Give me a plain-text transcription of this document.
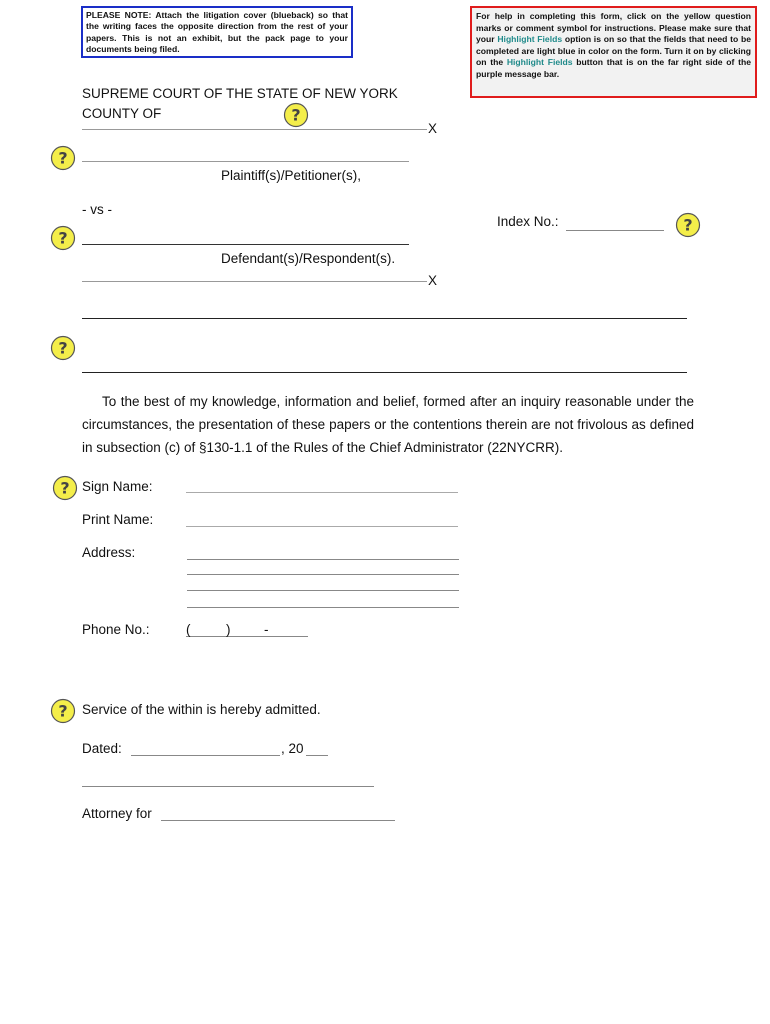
PLEASE NOTE: Attach the litigation cover (blueback) so that the writing faces the opposite direction from the rest of your papers. This is not an exhibit, but the pack page to your documents being filed.
For help in completing this form, click on the yellow question marks or comment symbol for instructions. Please make sure that your Highlight Fields option is on so that the fields that need to be completed are light blue in color on the form. Turn it on by clicking on the Highlight Fields button that is on the far right side of the purple message bar.
SUPREME COURT OF THE STATE OF NEW YORK
COUNTY OF
X
Plaintiff(s)/Petitioner(s),
- vs -
Index No.:
Defendant(s)/Respondent(s).
X
To the best of my knowledge, information and belief, formed after an inquiry reasonable under the circumstances, the presentation of these papers or the contentions therein are not frivolous as defined in subsection (c) of §130-1.1 of the Rules of the Chief Administrator (22NYCRR).
Sign Name:
Print Name:
Address:
Phone No.:	(	) -
Service of the within is hereby admitted.
Dated:	, 20
Attorney for
?
?
?
?
?
?
?
